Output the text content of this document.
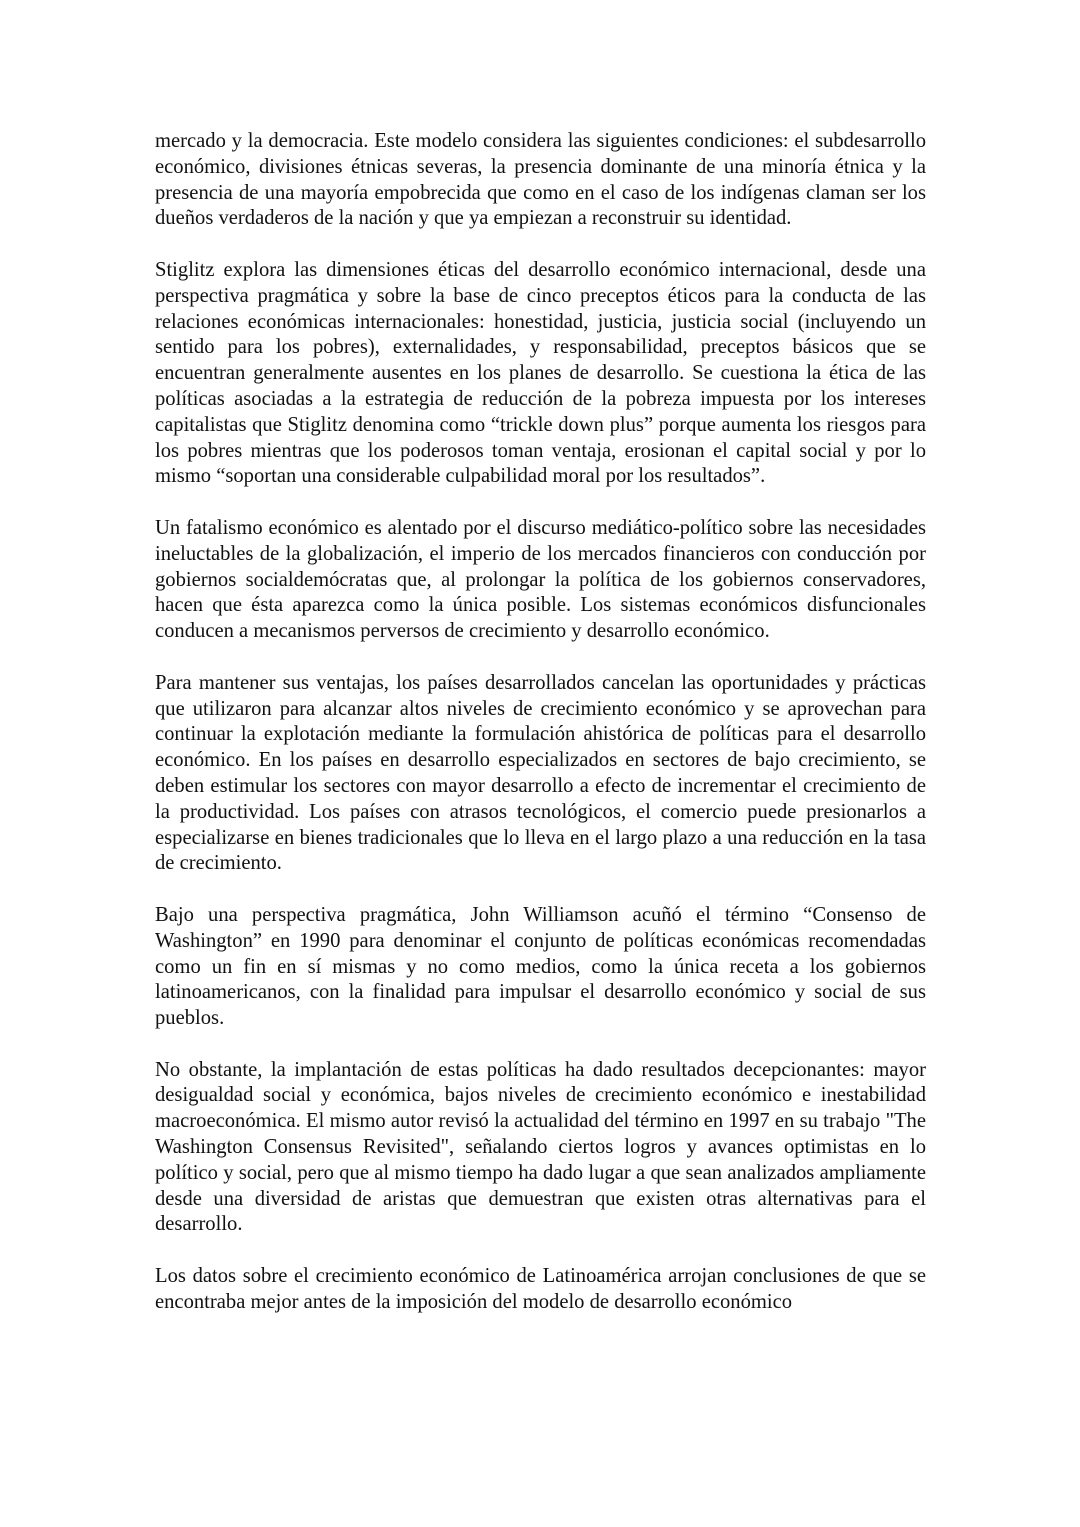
mercado y la democracia. Este modelo considera las siguientes condiciones: el subdesarrollo económico, divisiones étnicas severas, la presencia dominante de una minoría étnica y la presencia de una mayoría empobrecida que como en el caso de los indígenas claman ser los dueños verdaderos de la nación y que ya empiezan a reconstruir su identidad.

Stiglitz explora las dimensiones éticas del desarrollo económico internacional, desde una perspectiva pragmática y sobre la base de cinco preceptos éticos para la conducta de las relaciones económicas internacionales: honestidad, justicia, justicia social (incluyendo un sentido para los pobres), externalidades, y responsabilidad, preceptos básicos que se encuentran generalmente ausentes en los planes de desarrollo. Se cuestiona la ética de las políticas asociadas a la estrategia de reducción de la pobreza impuesta por los intereses capitalistas que Stiglitz denomina como “trickle down plus” porque aumenta los riesgos para los pobres mientras que los poderosos toman ventaja, erosionan el capital social y por lo mismo “soportan una considerable culpabilidad moral por los resultados”.

Un fatalismo económico es alentado por el discurso mediático-político sobre las necesidades ineluctables de la globalización, el imperio de los mercados financieros con conducción por gobiernos socialdemócratas que, al prolongar la política de los gobiernos conservadores, hacen que ésta aparezca como la única posible. Los sistemas económicos disfuncionales conducen a mecanismos perversos de crecimiento y desarrollo económico.

Para mantener sus ventajas, los países desarrollados cancelan las oportunidades y prácticas que utilizaron para alcanzar altos niveles de crecimiento económico y se aprovechan para continuar la explotación mediante la formulación ahistórica de políticas para el desarrollo económico. En los países en desarrollo especializados en sectores de bajo crecimiento, se deben estimular los sectores con mayor desarrollo a efecto de incrementar el crecimiento de la productividad. Los países con atrasos tecnológicos, el comercio puede presionarlos a especializarse en bienes tradicionales que lo lleva en el largo plazo a una reducción en la tasa de crecimiento.

Bajo una perspectiva pragmática, John Williamson acuñó el término “Consenso de Washington” en 1990 para denominar el conjunto de políticas económicas recomendadas como un fin en sí mismas y no como medios, como la única receta a los gobiernos latinoamericanos, con la finalidad para impulsar el desarrollo económico y social de sus pueblos.

No obstante, la implantación de estas políticas ha dado resultados decepcionantes: mayor desigualdad social y económica, bajos niveles de crecimiento económico e inestabilidad macroeconómica. El mismo autor revisó la actualidad del término en 1997 en su trabajo "The Washington Consensus Revisited", señalando ciertos logros y avances optimistas en lo político y social, pero que al mismo tiempo ha dado lugar a que sean analizados ampliamente desde una diversidad de aristas que demuestran que existen otras alternativas para el desarrollo.

Los datos sobre el crecimiento económico de Latinoamérica arrojan conclusiones de que se encontraba mejor antes de la imposición del modelo de desarrollo económico
